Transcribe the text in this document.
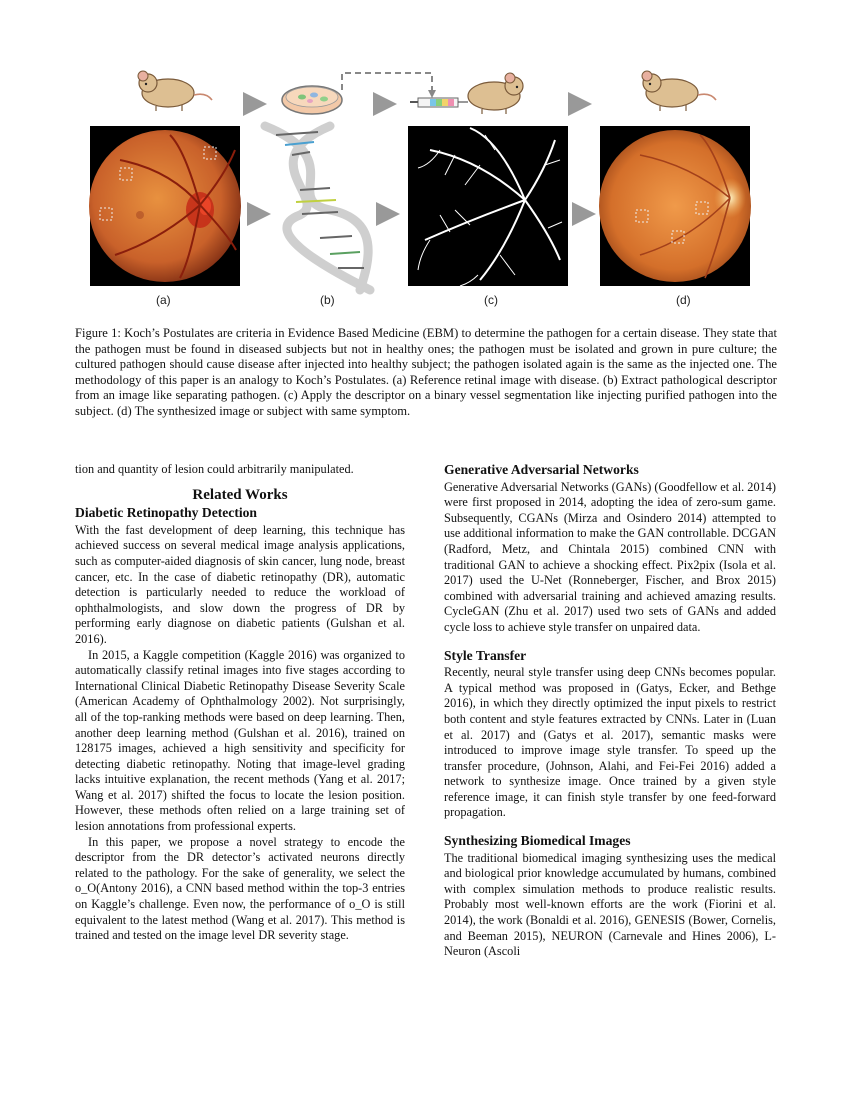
(a)	(b)	(c)	(d)
Figure 1: Koch’s Postulates are criteria in Evidence Based Medicine (EBM) to determine the pathogen for a certain disease. They state that the pathogen must be found in diseased subjects but not in healthy ones; the pathogen must be isolated and grown in pure culture; the cultured pathogen should cause disease after injected into healthy subject; the pathogen isolated again is the same as the injected one. The methodology of this paper is an analogy to Koch’s Postulates. (a) Reference retinal image with disease. (b) Extract pathological descriptor from an image like separating pathogen. (c) Apply the descriptor on a binary vessel segmentation like injecting purified pathogen into the subject. (d) The synthesized image or subject with same symptom.

tion and quantity of lesion could arbitrarily manipulated.

Related Works
Diabetic Retinopathy Detection

With the fast development of deep learning, this technique has achieved success on several medical image analysis applications, such as computer-aided diagnosis of skin cancer, lung node, breast cancer, etc. In the case of diabetic retinopathy (DR), automatic detection is particularly needed to reduce the workload of ophthalmologists, and slow down the progress of DR by performing early diagnose on diabetic patients (Gulshan et al. 2016).

In 2015, a Kaggle competition (Kaggle 2016) was organized to automatically classify retinal images into five stages according to International Clinical Diabetic Retinopathy Disease Severity Scale (American Academy of Ophthalmology 2002). Not surprisingly, all of the top-ranking methods were based on deep learning. Then, another deep learning method (Gulshan et al. 2016), trained on 128175 images, achieved a high sensitivity and specificity for detecting diabetic retinopathy. Noting that image-level grading lacks intuitive explanation, the recent methods (Yang et al. 2017; Wang et al. 2017) shifted the focus to locate the lesion position. However, these methods often relied on a large training set of lesion annotations from professional experts.

In this paper, we propose a novel strategy to encode the descriptor from the DR detector’s activated neurons directly related to the pathology. For the sake of generality, we select the o_O(Antony 2016), a CNN based method within the top-3 entries on Kaggle’s challenge. Even now, the performance of o_O is still equivalent to the latest method (Wang et al. 2017). This method is trained and tested on the image level DR severity stage.

Generative Adversarial Networks

Generative Adversarial Networks (GANs) (Goodfellow et al. 2014) were first proposed in 2014, adopting the idea of zero-sum game. Subsequently, CGANs (Mirza and Osindero 2014) attempted to use additional information to make the GAN controllable. DCGAN (Radford, Metz, and Chintala 2015) combined CNN with traditional GAN to achieve a shocking effect. Pix2pix (Isola et al. 2017) used the U-Net (Ronneberger, Fischer, and Brox 2015) combined with adversarial training and achieved amazing results. CycleGAN (Zhu et al. 2017) used two sets of GANs and added cycle loss to achieve style transfer on unpaired data.

Style Transfer

Recently, neural style transfer using deep CNNs becomes popular. A typical method was proposed in (Gatys, Ecker, and Bethge 2016), in which they directly optimized the input pixels to restrict both content and style features extracted by CNNs. Later in (Luan et al. 2017) and (Gatys et al. 2017), semantic masks were introduced to improve image style transfer. To speed up the transfer procedure, (Johnson, Alahi, and Fei-Fei 2016) added a network to synthesize image. Once trained by a given style reference image, it can finish style transfer by one feed-forward propagation.

Synthesizing Biomedical Images

The traditional biomedical imaging synthesizing uses the medical and biological prior knowledge accumulated by humans, combined with complex simulation methods to produce realistic results. Probably most well-known efforts are the work (Fiorini et al. 2014), the work (Bonaldi et al. 2016), GENESIS (Bower, Cornelis, and Beeman 2015), NEURON (Carnevale and Hines 2006), L-Neuron (Ascoli
